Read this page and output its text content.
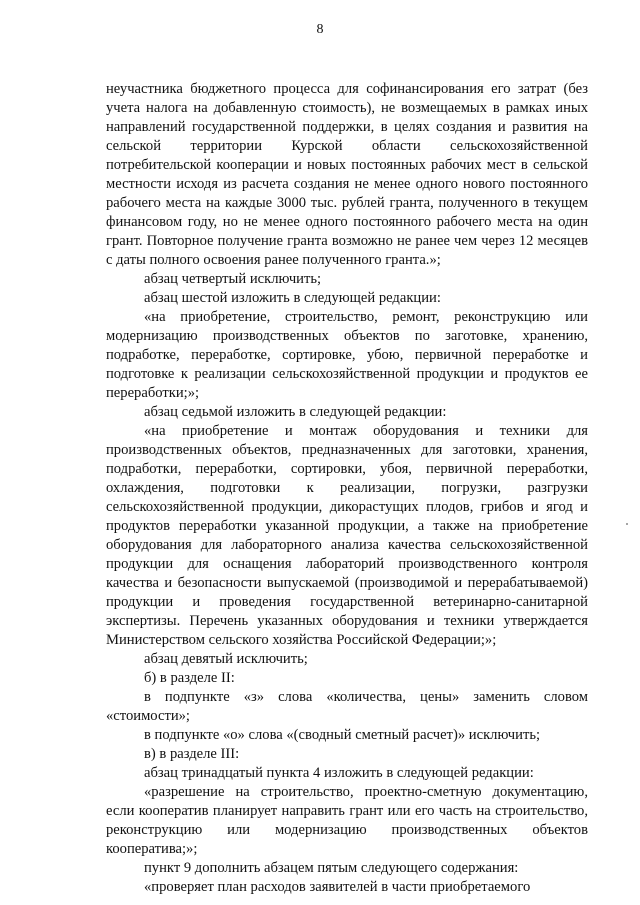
8

неучастника бюджетного процесса для софинансирования его затрат (без учета налога на добавленную стоимость), не возмещаемых в рамках иных направлений государственной поддержки, в целях создания и развития на сельской территории Курской области сельскохозяйственной потребительской кооперации и новых постоянных рабочих мест в сельской местности исходя из расчета создания не менее одного нового постоянного рабочего места на каждые 3000 тыс. рублей гранта, полученного в текущем финансовом году, но не менее одного постоянного рабочего места на один грант. Повторное получение гранта возможно не ранее чем через 12 месяцев с даты полного освоения ранее полученного гранта.»;

абзац четвертый исключить;

абзац шестой изложить в следующей редакции:

«на приобретение, строительство, ремонт, реконструкцию или модернизацию производственных объектов по заготовке, хранению, подработке, переработке, сортировке, убою, первичной переработке и подготовке к реализации сельскохозяйственной продукции и продуктов ее переработки;»;

абзац седьмой изложить в следующей редакции:

«на приобретение и монтаж оборудования и техники для производственных объектов, предназначенных для заготовки, хранения, подработки, переработки, сортировки, убоя, первичной переработки, охлаждения, подготовки к реализации, погрузки, разгрузки сельскохозяйственной продукции, дикорастущих плодов, грибов и ягод и продуктов переработки указанной продукции, а также на приобретение оборудования для лабораторного анализа качества сельскохозяйственной продукции для оснащения лабораторий производственного контроля качества и безопасности выпускаемой (производимой и перерабатываемой) продукции и проведения государственной ветеринарно-санитарной экспертизы. Перечень указанных оборудования и техники утверждается Министерством сельского хозяйства Российской Федерации;»;

абзац девятый исключить;

б) в разделе II:

в подпункте «з» слова «количества, цены» заменить словом «стоимости»;

в подпункте «о» слова «(сводный сметный расчет)» исключить;

в) в разделе III:

абзац тринадцатый пункта 4 изложить в следующей редакции:

«разрешение на строительство, проектно-сметную документацию, если кооператив планирует направить грант или его часть на строительство, реконструкцию или модернизацию производственных объектов кооператива;»;

пункт 9 дополнить абзацем пятым следующего содержания:

«проверяет план расходов заявителей в части приобретаемого
